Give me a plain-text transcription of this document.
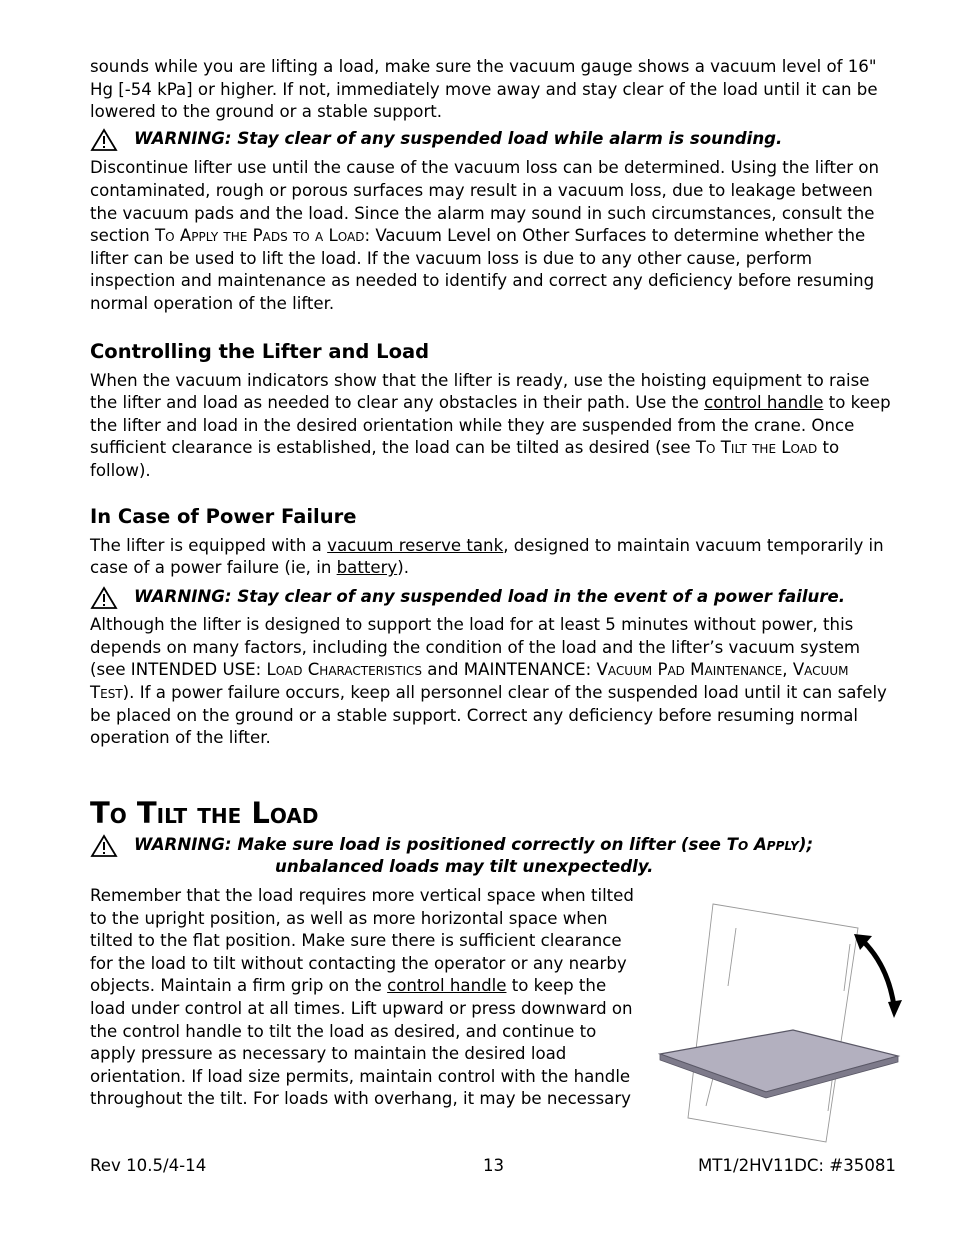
sounds while you are lifting a load, make sure the vacuum gauge shows a vacuum level of 16" Hg [-54 kPa] or higher. If not, immediately move away and stay clear of the load until it can be lowered to the ground or a stable support.

WARNING: Stay clear of any suspended load while alarm is sounding.

Discontinue lifter use until the cause of the vacuum loss can be determined. Using the lifter on contaminated, rough or porous surfaces may result in a vacuum loss, due to leakage between the vacuum pads and the load. Since the alarm may sound in such circumstances, consult the section To Apply the Pads to a Load: Vacuum Level on Other Surfaces to determine whether the lifter can be used to lift the load. If the vacuum loss is due to any other cause, perform inspection and maintenance as needed to identify and correct any deficiency before resuming normal operation of the lifter.

Controlling the Lifter and Load

When the vacuum indicators show that the lifter is ready, use the hoisting equipment to raise the lifter and load as needed to clear any obstacles in their path. Use the control handle to keep the lifter and load in the desired orientation while they are suspended from the crane. Once sufficient clearance is established, the load can be tilted as desired (see To Tilt the Load to follow).

In Case of Power Failure

The lifter is equipped with a vacuum reserve tank, designed to maintain vacuum temporarily in case of a power failure (ie, in battery).

WARNING: Stay clear of any suspended load in the event of a power failure.

Although the lifter is designed to support the load for at least 5 minutes without power, this depends on many factors, including the condition of the load and the lifter’s vacuum system (see INTENDED USE: Load Characteristics and MAINTENANCE: Vacuum Pad Maintenance, Vacuum Test). If a power failure occurs, keep all personnel clear of the suspended load until it can safely be placed on the ground or a stable support. Correct any deficiency before resuming normal operation of the lifter.

To Tilt the Load
WARNING: Make sure load is positioned correctly on lifter (see To Apply);
unbalanced loads may tilt unexpectedly.

Remember that the load requires more vertical space when tilted to the upright position, as well as more horizontal space when tilted to the flat position. Make sure there is sufficient clearance for the load to tilt without contacting the operator or any nearby objects. Maintain a firm grip on the control handle to keep the load under control at all times. Lift upward or press downward on the control handle to tilt the load as desired, and continue to apply pressure as necessary to maintain the desired load orientation. If load size permits, maintain control with the handle throughout the tilt. For loads with overhang, it may be necessary

Rev 10.5/4-14	13	MT1/2HV11DC: #35081
